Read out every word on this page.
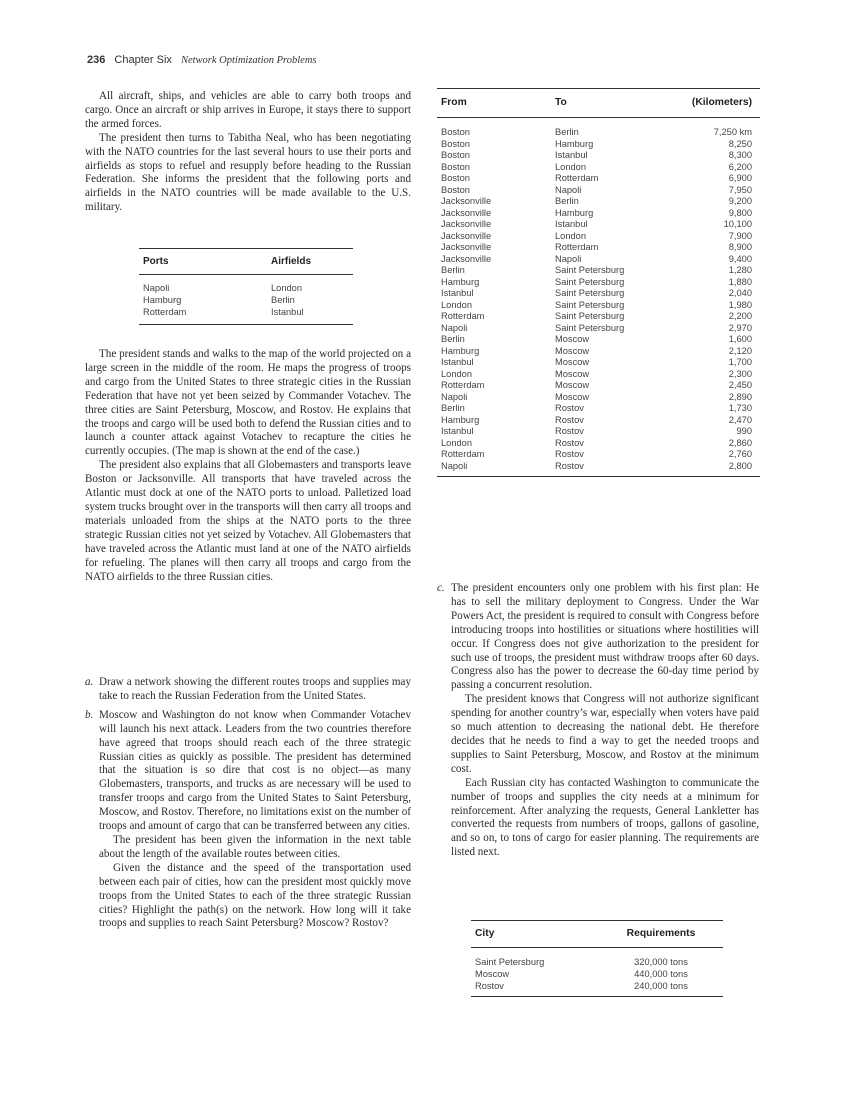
236 Chapter Six Network Optimization Problems

All aircraft, ships, and vehicles are able to carry both troops and cargo. Once an aircraft or ship arrives in Europe, it stays there to support the armed forces.

The president then turns to Tabitha Neal, who has been negotiating with the NATO countries for the last several hours to use their ports and airfields as stops to refuel and resupply before heading to the Russian Federation. She informs the president that the following ports and airfields in the NATO countries will be made available to the U.S. military.

Ports	Airfields
Napoli	London
Hamburg	Berlin
Rotterdam	Istanbul

The president stands and walks to the map of the world projected on a large screen in the middle of the room. He maps the progress of troops and cargo from the United States to three strategic cities in the Russian Federation that have not yet been seized by Commander Votachev. The three cities are Saint Petersburg, Moscow, and Rostov. He explains that the troops and cargo will be used both to defend the Russian cities and to launch a counter attack against Votachev to recapture the cities he currently occupies. (The map is shown at the end of the case.)

The president also explains that all Globemasters and transports leave Boston or Jacksonville. All transports that have traveled across the Atlantic must dock at one of the NATO ports to unload. Palletized load system trucks brought over in the transports will then carry all troops and materials unloaded from the ships at the NATO ports to the three strategic Russian cities not yet seized by Votachev. All Globemasters that have traveled across the Atlantic must land at one of the NATO airfields for refueling. The planes will then carry all troops and cargo from the NATO airfields to the three Russian cities.

a. Draw a network showing the different routes troops and supplies may take to reach the Russian Federation from the United States.

b. Moscow and Washington do not know when Commander Votachev will launch his next attack. Leaders from the two countries therefore have agreed that troops should reach each of the three strategic Russian cities as quickly as possible. The president has determined that the situation is so dire that cost is no object—as many Globemasters, transports, and trucks as are necessary will be used to transfer troops and cargo from the United States to Saint Petersburg, Moscow, and Rostov. Therefore, no limitations exist on the number of troops and amount of cargo that can be transferred between any cities.

The president has been given the information in the next table about the length of the available routes between cities.

Given the distance and the speed of the transportation used between each pair of cities, how can the president most quickly move troops from the United States to each of the three strategic Russian cities? Highlight the path(s) on the network. How long will it take troops and supplies to reach Saint Petersburg? Moscow? Rostov?

From	To	(Kilometers)
Boston	Berlin	7,250 km
Boston	Hamburg	8,250
Boston	Istanbul	8,300
Boston	London	6,200
Boston	Rotterdam	6,900
Boston	Napoli	7,950
Jacksonville	Berlin	9,200
Jacksonville	Hamburg	9,800
Jacksonville	Istanbul	10,100
Jacksonville	London	7,900
Jacksonville	Rotterdam	8,900
Jacksonville	Napoli	9,400
Berlin	Saint Petersburg	1,280
Hamburg	Saint Petersburg	1,880
Istanbul	Saint Petersburg	2,040
London	Saint Petersburg	1,980
Rotterdam	Saint Petersburg	2,200
Napoli	Saint Petersburg	2,970
Berlin	Moscow	1,600
Hamburg	Moscow	2,120
Istanbul	Moscow	1,700
London	Moscow	2,300
Rotterdam	Moscow	2,450
Napoli	Moscow	2,890
Berlin	Rostov	1,730
Hamburg	Rostov	2,470
Istanbul	Rostov	990
London	Rostov	2,860
Rotterdam	Rostov	2,760
Napoli	Rostov	2,800
c. The president encounters only one problem with his first plan: He has to sell the military deployment to Congress. Under the War Powers Act, the president is required to consult with Congress before introducing troops into hostilities or situations where hostilities will occur. If Congress does not give authorization to the president for such use of troops, the president must withdraw troops after 60 days. Congress also has the power to decrease the 60-day time period by passing a concurrent resolution.

The president knows that Congress will not authorize significant spending for another country’s war, especially when voters have paid so much attention to decreasing the national debt. He therefore decides that he needs to find a way to get the needed troops and supplies to Saint Petersburg, Moscow, and Rostov at the minimum cost.

Each Russian city has contacted Washington to communicate the number of troops and supplies the city needs at a minimum for reinforcement. After analyzing the requests, General Lankletter has converted the requests from numbers of troops, gallons of gasoline, and so on, to tons of cargo for easier planning. The requirements are listed next.

City	Requirements
Saint Petersburg	320,000 tons
Moscow	440,000 tons
Rostov	240,000 tons
